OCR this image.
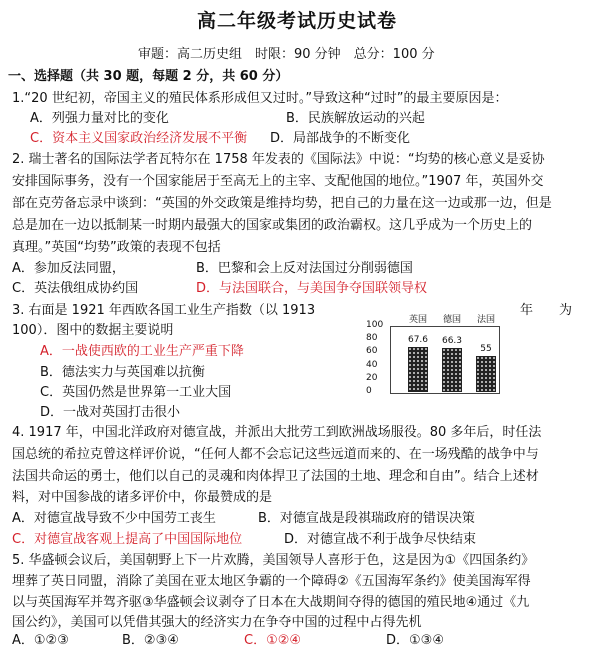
高二年级考试历史试卷
审题：高二历史组　时限：90 分钟　总分：100 分
一、选择题（共 30 题，每题 2 分，共 60 分）
1.“20 世纪初，帝国主义的殖民体系形成但又过时。”导致这种“过时”的最主要原因是：
A．列强力量对比的变化	B．民族解放运动的兴起
C．资本主义国家政治经济发展不平衡 D．局部战争的不断变化
2. 瑞士著名的国际法学者瓦特尔在 1758 年发表的《国际法》中说：“均势的核心意义是妥协
安排国际事务，没有一个国家能居于至高无上的主宰、支配他国的地位。”1907 年，英国外交
部在克劳备忘录中谈到：“英国的外交政策是维持均势，把自己的力量在这一边或那一边，但是
总是加在一边以抵制某一时期内最强大的国家或集团的政治霸权。这几乎成为一个历史上的
真理。”英国“均势”政策的表现不包括
A．参加反法同盟，	B．巴黎和会上反对法国过分削弱德国
C．英法俄组成协约国	D．与法国联合，与美国争夺国联领导权
3. 右面是 1921 年西欧各国工业生产指数（以 1913	年　　为
100）．图中的数据主要说明
A．一战使西欧的工业生产严重下降
B．德法实力与英国难以抗衡
C．英国仍然是世界第一工业大国
D．一战对英国打击很小
100
80
60
40
20
0
67.6
英国
66.3
德国
55
法国
4. 1917 年，中国北洋政府对德宣战，并派出大批劳工到欧洲战场服役。80 多年后，时任法
国总统的希拉克曾这样评价说，“任何人都不会忘记这些远道而来的、在一场残酷的战争中与
法国共命运的勇士，他们以自己的灵魂和肉体捍卫了法国的土地、理念和自由”。结合上述材
料，对中国参战的诸多评价中，你最赞成的是
A．对德宣战导致不少中国劳工丧生	B．对德宣战是段祺瑞政府的错误决策
C．对德宣战客观上提高了中国国际地位	D．对德宣战不利于战争尽快结束
5. 华盛顿会议后，美国朝野上下一片欢腾，美国领导人喜形于色，这是因为①《四国条约》
埋葬了英日同盟，消除了美国在亚太地区争霸的一个障碍②《五国海军条约》使美国海军得
以与英国海军并驾齐驱③华盛顿会议剥夺了日本在大战期间夺得的德国的殖民地④通过《九
国公约》，美国可以凭借其强大的经济实力在争夺中国的过程中占得先机
A．①②③	B．②③④	C．①②④	D．①③④
